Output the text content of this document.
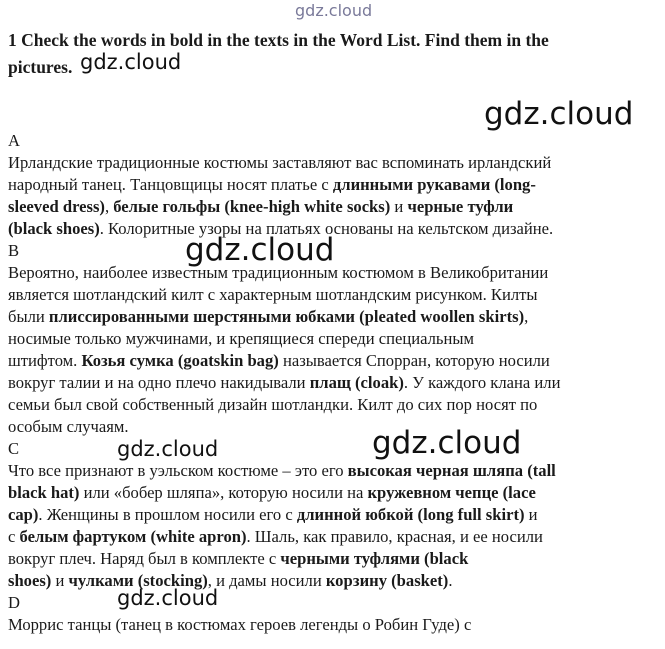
gdz.cloud
gdz.cloud
gdz.cloud
gdz.cloud
gdz.cloud
gdz.cloud
gdz.cloud
1 Check the words in bold in the texts in the Word List. Find them in the
pictures.
A
Ирландские традиционные костюмы заставляют вас вспоминать ирландский
народный танец. Танцовщицы носят платье с длинными рукавами (long-
sleeved dress), белые гольфы (knee-high white socks) и черные туфли
(black shoes). Колоритные узоры на платьях основаны на кельтском дизайне.
B
Вероятно, наиболее известным традиционным костюмом в Великобритании
является шотландский килт с характерным шотландским рисунком. Килты
были плиссированными шерстяными юбками (pleated woollen skirts),
носимые только мужчинами, и крепящиеся спереди специальным
штифтом. Козья сумка (goatskin bag) называется Спорран, которую носили
вокруг талии и на одно плечо накидывали плащ (cloak). У каждого клана или
семьи был свой собственный дизайн шотландки. Килт до сих пор носят по
особым случаям.
C
Что все признают в уэльском костюме – это его высокая черная шляпа (tall
black hat) или «бобер шляпа», которую носили на кружевном чепце (lace
cap). Женщины в прошлом носили его с длинной юбкой (long full skirt) и
с белым фартуком (white apron). Шаль, как правило, красная, и ее носили
вокруг плеч. Наряд был в комплекте с черными туфлями (black
shoes) и чулками (stocking), и дамы носили корзину (basket).
D
Моррис танцы (танец в костюмах героев легенды о Робин Гуде) с
